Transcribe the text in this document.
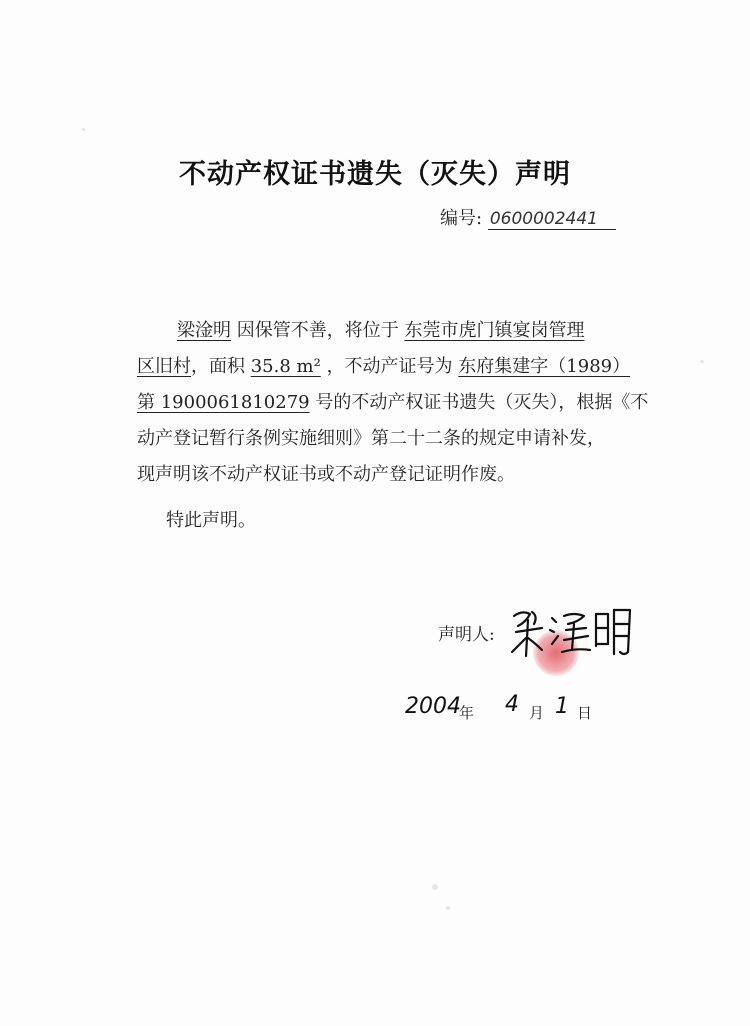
不动产权证书遗失（灭失）声明
编号: 0600002441
梁淦明 因保管不善，将位于 东莞市虎门镇宴岗管理
区旧村，面积 35.8 m² ，不动产证号为 东府集建字（1989）
第 1900061810279 号的不动产权证书遗失（灭失），根据《不
动产登记暂行条例实施细则》第二十二条的规定申请补发，
现声明该不动产权证书或不动产登记证明作废。
特此声明。
声明人:
2004
年 4 月 1 日
